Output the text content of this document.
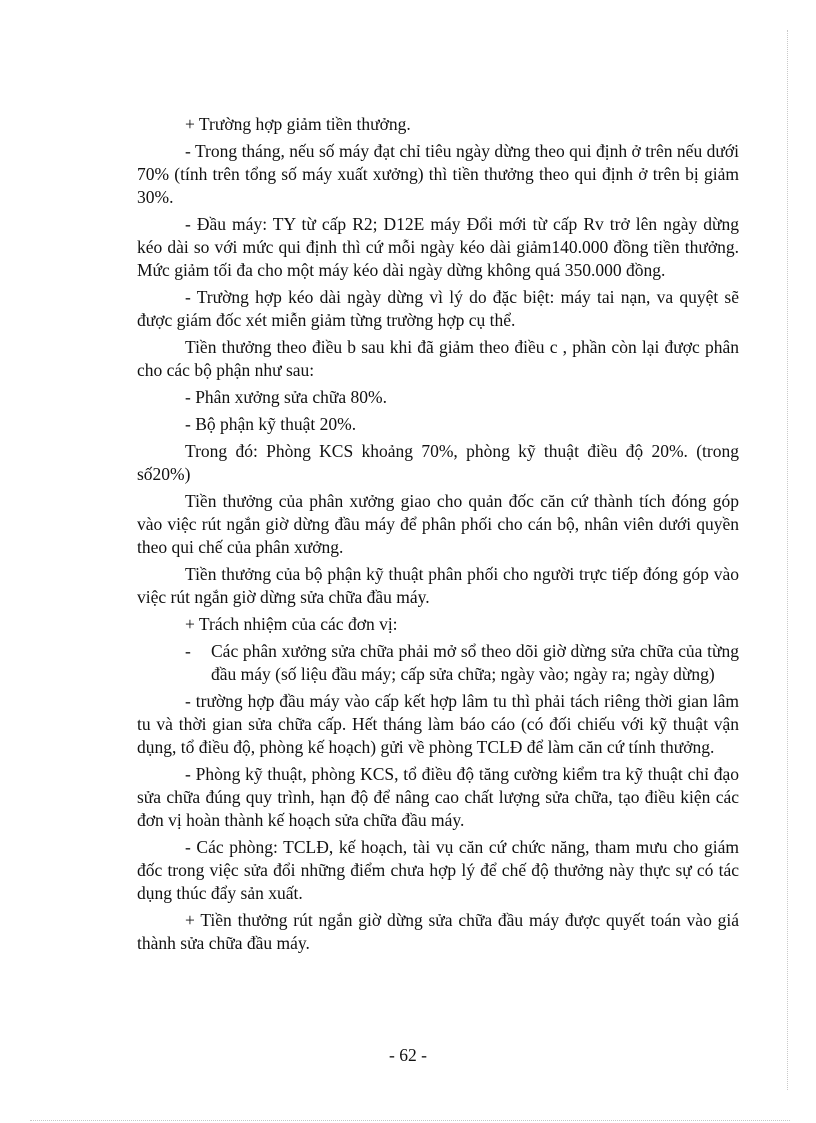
+ Trường hợp giảm tiền thưởng.

- Trong tháng, nếu số máy đạt chỉ tiêu ngày dừng theo qui định ở trên nếu dưới 70% (tính trên tổng số máy xuất xưởng) thì tiền thưởng theo qui định ở trên bị giảm 30%.

- Đầu máy: TY từ cấp R2; D12E máy Đổi mới từ cấp Rv trở lên ngày dừng kéo dài so với mức qui định thì cứ mỗi ngày kéo dài giảm140.000 đồng tiền thưởng. Mức giảm tối đa cho một máy kéo dài ngày dừng không quá 350.000 đồng.

- Trường hợp kéo dài ngày dừng vì lý do đặc biệt: máy tai nạn, va quyệt sẽ được giám đốc xét miễn giảm từng trường hợp cụ thể.

Tiền thưởng theo điều b sau khi đã giảm theo điều c , phần còn lại được phân cho các bộ phận như sau:

- Phân xưởng sửa chữa 80%.

- Bộ phận kỹ thuật 20%.

Trong đó: Phòng KCS khoảng 70%, phòng kỹ thuật điều độ 20%. (trong số20%)

Tiền thưởng của phân xưởng giao cho quản đốc căn cứ thành tích đóng góp vào việc rút ngắn giờ dừng đầu máy để phân phối cho cán bộ, nhân viên dưới quyền theo qui chế của phân xưởng.

Tiền thưởng của bộ phận kỹ thuật phân phối cho người trực tiếp đóng góp vào việc rút ngắn giờ dừng sửa chữa đầu máy.

+ Trách nhiệm của các đơn vị:

-	Các phân xưởng sửa chữa phải mở sổ theo dõi giờ dừng sửa chữa của từng đầu máy (số liệu đầu máy; cấp sửa chữa; ngày vào; ngày ra; ngày dừng)

- trường hợp đầu máy vào cấp kết hợp lâm tu thì phải tách riêng thời gian lâm tu và thời gian sửa chữa cấp. Hết tháng làm báo cáo (có đối chiếu với kỹ thuật vận dụng, tổ điều độ, phòng kế hoạch) gửi về phòng TCLĐ để làm căn cứ tính thưởng.

- Phòng kỹ thuật, phòng KCS, tổ điều độ tăng cường kiểm tra kỹ thuật chỉ đạo sửa chữa đúng quy trình, hạn độ để nâng cao chất lượng sửa chữa, tạo điều kiện các đơn vị hoàn thành kế hoạch sửa chữa đầu máy.

- Các phòng: TCLĐ, kế hoạch, tài vụ căn cứ chức năng, tham mưu cho giám đốc trong việc sửa đổi những điểm chưa hợp lý để chế độ thưởng này thực sự có tác dụng thúc đẩy sản xuất.

+ Tiền thưởng rút ngắn giờ dừng sửa chữa đầu máy được quyết toán vào giá thành sửa chữa đầu máy.

- 62 -
